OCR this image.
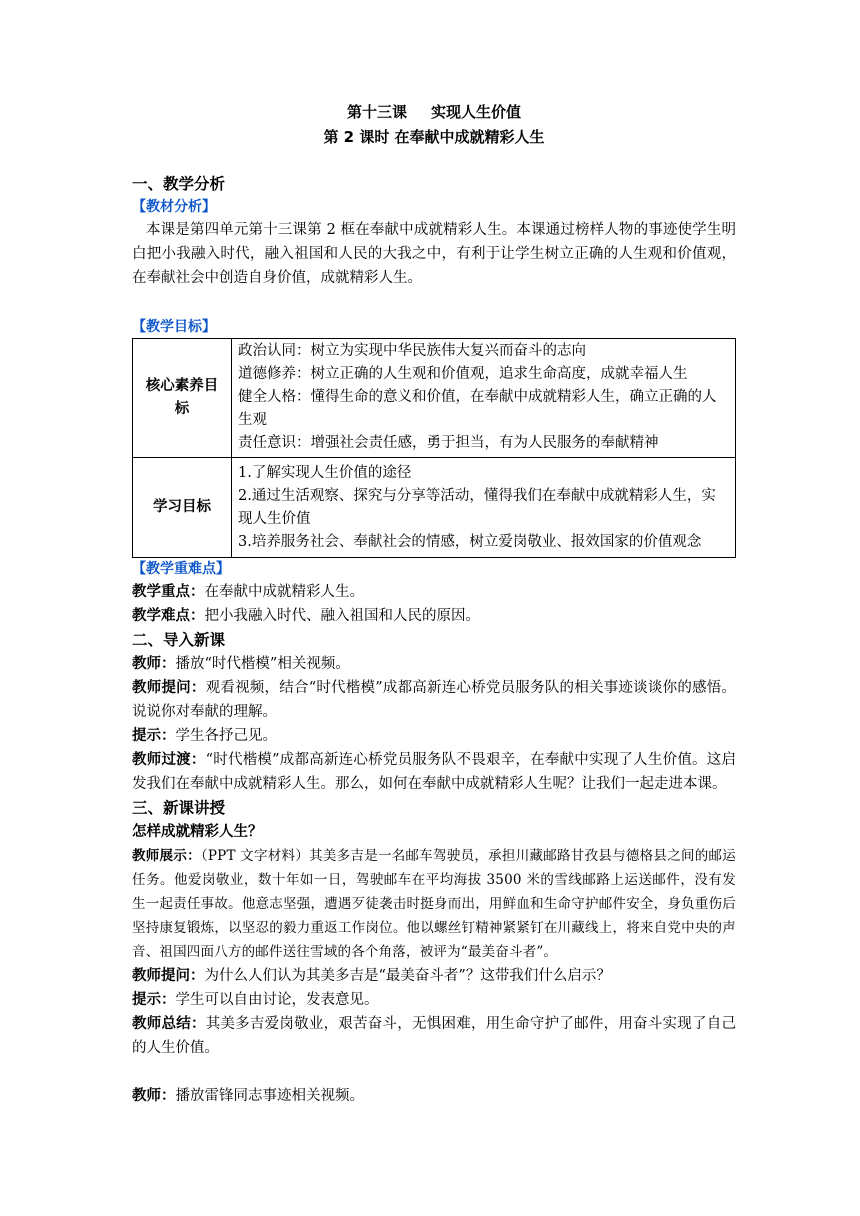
第十三课 实现人生价值
第 2 课时 在奉献中成就精彩人生
一、教学分析
【教材分析】
本课是第四单元第十三课第 2 框在奉献中成就精彩人生。本课通过榜样人物的事迹使学生明白把小我融入时代，融入祖国和人民的大我之中，有利于让学生树立正确的人生观和价值观，在奉献社会中创造自身价值，成就精彩人生。
【教学目标】
核心素养目标	政治认同：树立为实现中华民族伟大复兴而奋斗的志向
道德修养：树立正确的人生观和价值观，追求生命高度，成就幸福人生
健全人格：懂得生命的意义和价值，在奉献中成就精彩人生，确立正确的人生观
责任意识：增强社会责任感，勇于担当，有为人民服务的奉献精神

学习目标	1.了解实现人生价值的途径
2.通过生活观察、探究与分享等活动，懂得我们在奉献中成就精彩人生，实现人生价值
3.培养服务社会、奉献社会的情感，树立爱岗敬业、报效国家的价值观念
【教学重难点】
教学重点：在奉献中成就精彩人生。
教学难点：把小我融入时代、融入祖国和人民的原因。
二、导入新课
教师：播放“时代楷模”相关视频。
教师提问：观看视频，结合“时代楷模”成都高新连心桥党员服务队的相关事迹谈谈你的感悟。说说你对奉献的理解。
提示：学生各抒己见。
教师过渡：“时代楷模”成都高新连心桥党员服务队不畏艰辛，在奉献中实现了人生价值。这启发我们在奉献中成就精彩人生。那么，如何在奉献中成就精彩人生呢？让我们一起走进本课。
三、新课讲授
怎样成就精彩人生？
教师展示：（PPT 文字材料）其美多吉是一名邮车驾驶员，承担川藏邮路甘孜县与德格县之间的邮运任务。他爱岗敬业，数十年如一日，驾驶邮车在平均海拔 3500 米的雪线邮路上运送邮件，没有发生一起责任事故。他意志坚强，遭遇歹徒袭击时挺身而出，用鲜血和生命守护邮件安全，身负重伤后坚持康复锻炼，以坚忍的毅力重返工作岗位。他以螺丝钉精神紧紧钉在川藏线上，将来自党中央的声音、祖国四面八方的邮件送往雪域的各个角落，被评为“最美奋斗者”。
教师提问：为什么人们认为其美多吉是“最美奋斗者”？这带我们什么启示？
提示：学生可以自由讨论，发表意见。
教师总结：其美多吉爱岗敬业，艰苦奋斗，无惧困难，用生命守护了邮件，用奋斗实现了自己的人生价值。
教师：播放雷锋同志事迹相关视频。
